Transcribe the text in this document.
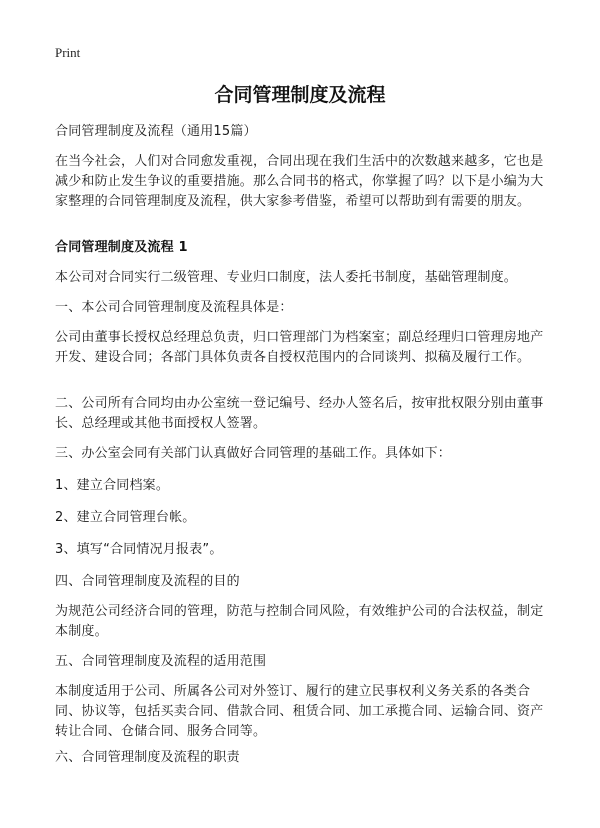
Print
合同管理制度及流程

合同管理制度及流程（通用15篇）

在当今社会，人们对合同愈发重视，合同出现在我们生活中的次数越来越多，它也是减少和防止发生争议的重要措施。那么合同书的格式，你掌握了吗？以下是小编为大家整理的合同管理制度及流程，供大家参考借鉴，希望可以帮助到有需要的朋友。

合同管理制度及流程 1

本公司对合同实行二级管理、专业归口制度，法人委托书制度，基础管理制度。

一、本公司合同管理制度及流程具体是：

公司由董事长授权总经理总负责，归口管理部门为档案室；副总经理归口管理房地产开发、建设合同；各部门具体负责各自授权范围内的合同谈判、拟稿及履行工作。

二、公司所有合同均由办公室统一登记编号、经办人签名后，按审批权限分别由董事长、总经理或其他书面授权人签署。

三、办公室会同有关部门认真做好合同管理的基础工作。具体如下：

1、建立合同档案。

2、建立合同管理台帐。

3、填写“合同情况月报表”。

四、合同管理制度及流程的目的

为规范公司经济合同的管理，防范与控制合同风险，有效维护公司的合法权益，制定本制度。

五、合同管理制度及流程的适用范围

本制度适用于公司、所属各公司对外签订、履行的建立民事权利义务关系的各类合同、协议等，包括买卖合同、借款合同、租赁合同、加工承揽合同、运输合同、资产转让合同、仓储合同、服务合同等。

六、合同管理制度及流程的职责
